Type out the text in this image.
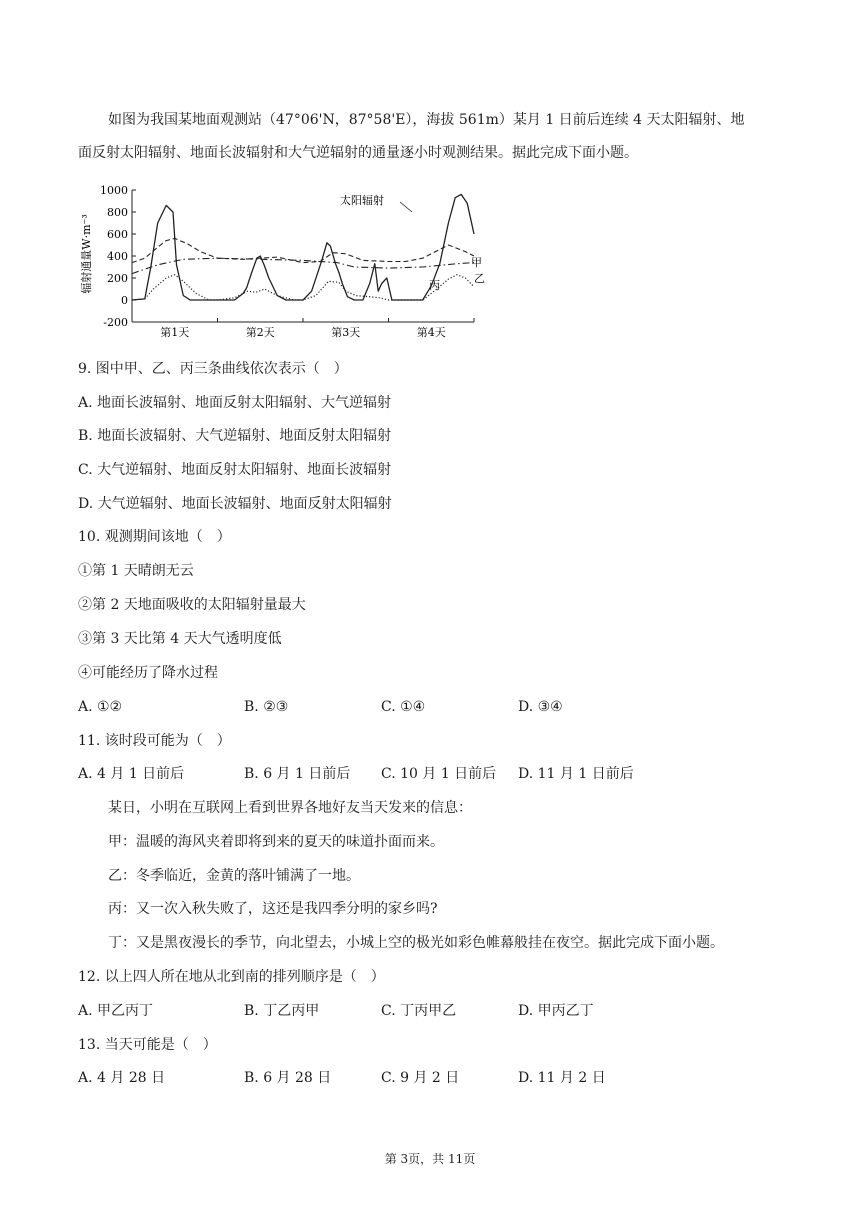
如图为我国某地面观测站（47°06'N，87°58'E），海拔 561m）某月 1 日前后连续 4 天太阳辐射、地
面反射太阳辐射、地面长波辐射和大气逆辐射的通量逐小时观测结果。据此完成下面小题。
1000
800
600
400
200
0
-200
第1天	第2天	第3天	第4天
辐射通量W·m⁻³
太阳辐射
甲
乙
丙
9. 图中甲、乙、丙三条曲线依次表示（　）
A. 地面长波辐射、地面反射太阳辐射、大气逆辐射
B. 地面长波辐射、大气逆辐射、地面反射太阳辐射
C. 大气逆辐射、地面反射太阳辐射、地面长波辐射
D. 大气逆辐射、地面长波辐射、地面反射太阳辐射
10. 观测期间该地（　）
①第 1 天晴朗无云
②第 2 天地面吸收的太阳辐射量最大
③第 3 天比第 4 天大气透明度低
④可能经历了降水过程
A. ①②	B. ②③	C. ①④	D. ③④
11. 该时段可能为（　）
A. 4 月 1 日前后	B. 6 月 1 日前后 C. 10 月 1 日前后 D. 11 月 1 日前后
某日，小明在互联网上看到世界各地好友当天发来的信息：
甲：温暖的海风夹着即将到来的夏天的味道扑面而来。
乙：冬季临近，金黄的落叶铺满了一地。
丙：又一次入秋失败了，这还是我四季分明的家乡吗?
丁：又是黑夜漫长的季节，向北望去，小城上空的极光如彩色帷幕般挂在夜空。据此完成下面小题。
12. 以上四人所在地从北到南的排列顺序是（　）
A. 甲乙丙丁	B. 丁乙丙甲	C. 丁丙甲乙	D. 甲丙乙丁
13. 当天可能是（　）
A. 4 月 28 日	B. 6 月 28 日	C. 9 月 2 日	D. 11 月 2 日
第 3页，共 11页
